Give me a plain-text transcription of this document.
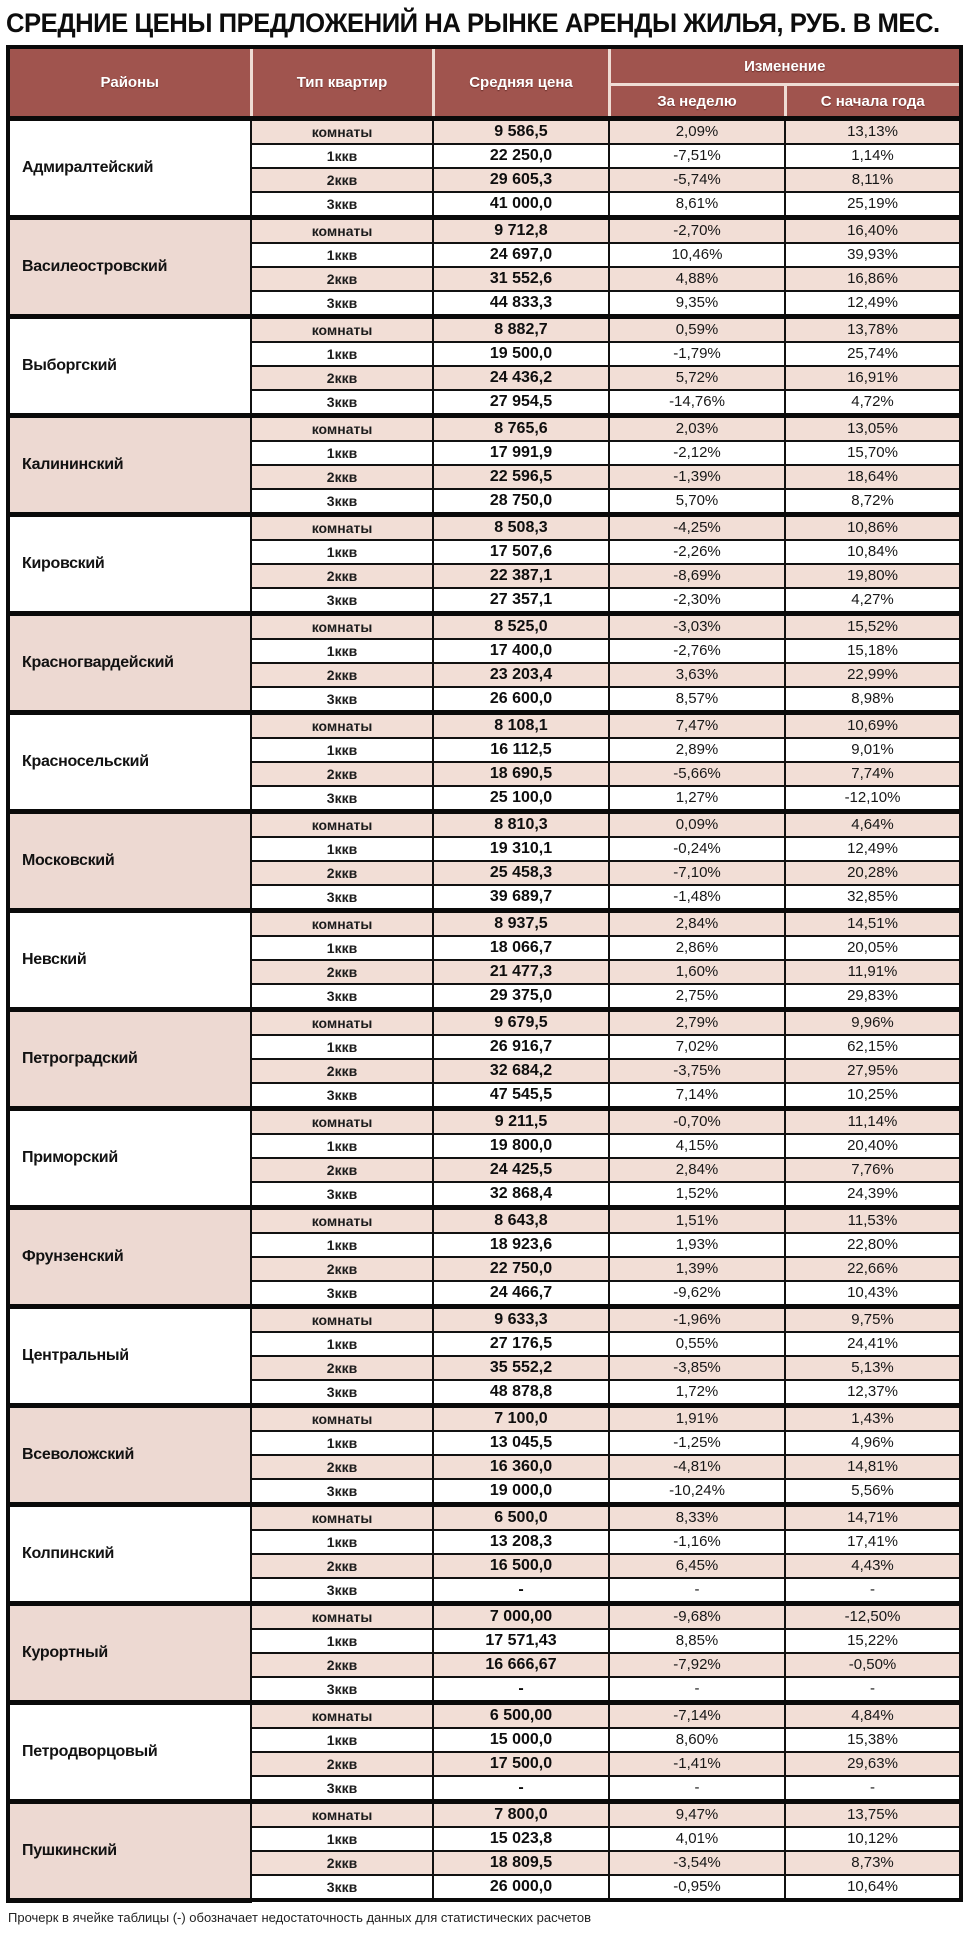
СРЕДНИЕ ЦЕНЫ ПРЕДЛОЖЕНИЙ НА РЫНКЕ АРЕНДЫ ЖИЛЬЯ, РУБ. В МЕС.
Районы	Тип квартир	Средняя цена	Изменение	
			За неделю	С начала года
Адмиралтейский	комнаты	9 586,5	2,09%	13,13%
	1ккв	22 250,0	-7,51%	1,14%
	2ккв	29 605,3	-5,74%	8,11%
	3ккв	41 000,0	8,61%	25,19%
Василеостровский	комнаты	9 712,8	-2,70%	16,40%
	1ккв	24 697,0	10,46%	39,93%
	2ккв	31 552,6	4,88%	16,86%
	3ккв	44 833,3	9,35%	12,49%
Выборгский	комнаты	8 882,7	0,59%	13,78%
	1ккв	19 500,0	-1,79%	25,74%
	2ккв	24 436,2	5,72%	16,91%
	3ккв	27 954,5	-14,76%	4,72%
Калининский	комнаты	8 765,6	2,03%	13,05%
	1ккв	17 991,9	-2,12%	15,70%
	2ккв	22 596,5	-1,39%	18,64%
	3ккв	28 750,0	5,70%	8,72%
Кировский	комнаты	8 508,3	-4,25%	10,86%
	1ккв	17 507,6	-2,26%	10,84%
	2ккв	22 387,1	-8,69%	19,80%
	3ккв	27 357,1	-2,30%	4,27%
Красногвардейский	комнаты	8 525,0	-3,03%	15,52%
	1ккв	17 400,0	-2,76%	15,18%
	2ккв	23 203,4	3,63%	22,99%
	3ккв	26 600,0	8,57%	8,98%
Красносельский	комнаты	8 108,1	7,47%	10,69%
	1ккв	16 112,5	2,89%	9,01%
	2ккв	18 690,5	-5,66%	7,74%
	3ккв	25 100,0	1,27%	-12,10%
Московский	комнаты	8 810,3	0,09%	4,64%
	1ккв	19 310,1	-0,24%	12,49%
	2ккв	25 458,3	-7,10%	20,28%
	3ккв	39 689,7	-1,48%	32,85%
Невский	комнаты	8 937,5	2,84%	14,51%
	1ккв	18 066,7	2,86%	20,05%
	2ккв	21 477,3	1,60%	11,91%
	3ккв	29 375,0	2,75%	29,83%
Петроградский	комнаты	9 679,5	2,79%	9,96%
	1ккв	26 916,7	7,02%	62,15%
	2ккв	32 684,2	-3,75%	27,95%
	3ккв	47 545,5	7,14%	10,25%
Приморский	комнаты	9 211,5	-0,70%	11,14%
	1ккв	19 800,0	4,15%	20,40%
	2ккв	24 425,5	2,84%	7,76%
	3ккв	32 868,4	1,52%	24,39%
Фрунзенский	комнаты	8 643,8	1,51%	11,53%
	1ккв	18 923,6	1,93%	22,80%
	2ккв	22 750,0	1,39%	22,66%
	3ккв	24 466,7	-9,62%	10,43%
Центральный	комнаты	9 633,3	-1,96%	9,75%
	1ккв	27 176,5	0,55%	24,41%
	2ккв	35 552,2	-3,85%	5,13%
	3ккв	48 878,8	1,72%	12,37%
Всеволожский	комнаты	7 100,0	1,91%	1,43%
	1ккв	13 045,5	-1,25%	4,96%
	2ккв	16 360,0	-4,81%	14,81%
	3ккв	19 000,0	-10,24%	5,56%
Колпинский	комнаты	6 500,0	8,33%	14,71%
	1ккв	13 208,3	-1,16%	17,41%
	2ккв	16 500,0	6,45%	4,43%
	3ккв	-	-	-
Курортный	комнаты	7 000,00	-9,68%	-12,50%
	1ккв	17 571,43	8,85%	15,22%
	2ккв	16 666,67	-7,92%	-0,50%
	3ккв	-	-	-
Петродворцовый	комнаты	6 500,00	-7,14%	4,84%
	1ккв	15 000,0	8,60%	15,38%
	2ккв	17 500,0	-1,41%	29,63%
	3ккв	-	-	-
Пушкинский	комнаты	7 800,0	9,47%	13,75%
	1ккв	15 023,8	4,01%	10,12%
	2ккв	18 809,5	-3,54%	8,73%
	3ккв	26 000,0	-0,95%	10,64%

Прочерк в ячейке таблицы (-) обозначает недостаточность данных для статистических расчетов
